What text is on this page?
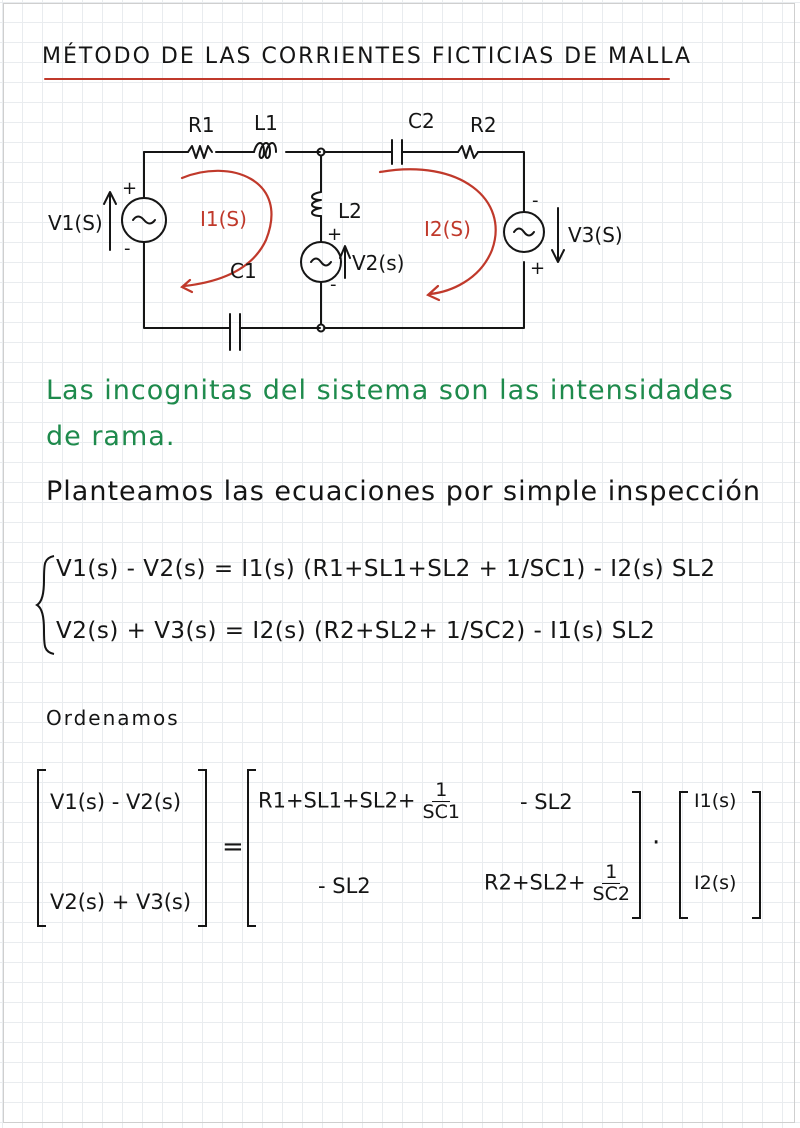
MÉTODO DE LAS CORRIENTES FICTICIAS DE MALLA
R1 L1	C2 R2
L2
C1
V1(S)
V2(s)
V3(S)
+
-
+
-
-
+
I1(S)	I2(S)
Las incognitas del sistema son las intensidades de rama.
Planteamos las ecuaciones por simple inspección
V1(s) - V2(s) = I1(s) (R1+SL1+SL2 + 1/SC1) - I2(s) SL2
V2(s) + V3(s) = I2(s) (R2+SL2+ 1/SC2) - I1(s) SL2
Ordenamos
V1(s) - V2(s)
V2(s) + V3(s)
=
$R1+SL1+SL2+ \frac{1}{SC1}$	- SL2
- SL2	$R2+SL2+ \frac{1}{SC2}$
·
I1(s)
I2(s)
